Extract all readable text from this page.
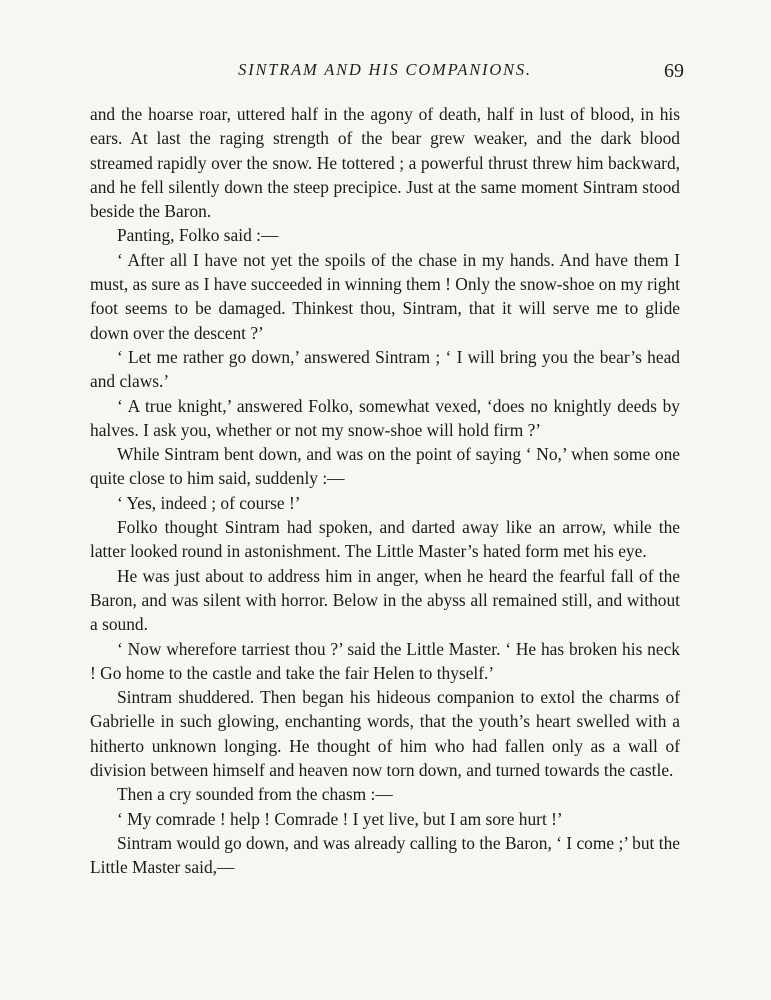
SINTRAM AND HIS COMPANIONS.	69

and the hoarse roar, uttered half in the agony of death, half in lust of blood, in his ears. At last the raging strength of the bear grew weaker, and the dark blood streamed rapidly over the snow. He tottered ; a powerful thrust threw him backward, and he fell silently down the steep precipice. Just at the same moment Sintram stood beside the Baron.

Panting, Folko said :—

‘ After all I have not yet the spoils of the chase in my hands. And have them I must, as sure as I have succeeded in winning them ! Only the snow-shoe on my right foot seems to be damaged. Thinkest thou, Sintram, that it will serve me to glide down over the descent ?’

‘ Let me rather go down,’ answered Sintram ; ‘ I will bring you the bear’s head and claws.’

‘ A true knight,’ answered Folko, somewhat vexed, ‘does no knightly deeds by halves. I ask you, whether or not my snow-shoe will hold firm ?’

While Sintram bent down, and was on the point of saying ‘ No,’ when some one quite close to him said, suddenly :—

‘ Yes, indeed ; of course !’

Folko thought Sintram had spoken, and darted away like an arrow, while the latter looked round in astonishment. The Little Master’s hated form met his eye.

He was just about to address him in anger, when he heard the fearful fall of the Baron, and was silent with horror. Below in the abyss all remained still, and without a sound.

‘ Now wherefore tarriest thou ?’ said the Little Master. ‘ He has broken his neck ! Go home to the castle and take the fair Helen to thyself.’

Sintram shuddered. Then began his hideous companion to extol the charms of Gabrielle in such glowing, enchanting words, that the youth’s heart swelled with a hitherto unknown longing. He thought of him who had fallen only as a wall of division between himself and heaven now torn down, and turned towards the castle.

Then a cry sounded from the chasm :—

‘ My comrade ! help ! Comrade ! I yet live, but I am sore hurt !’

Sintram would go down, and was already calling to the Baron, ‘ I come ;’ but the Little Master said,—
